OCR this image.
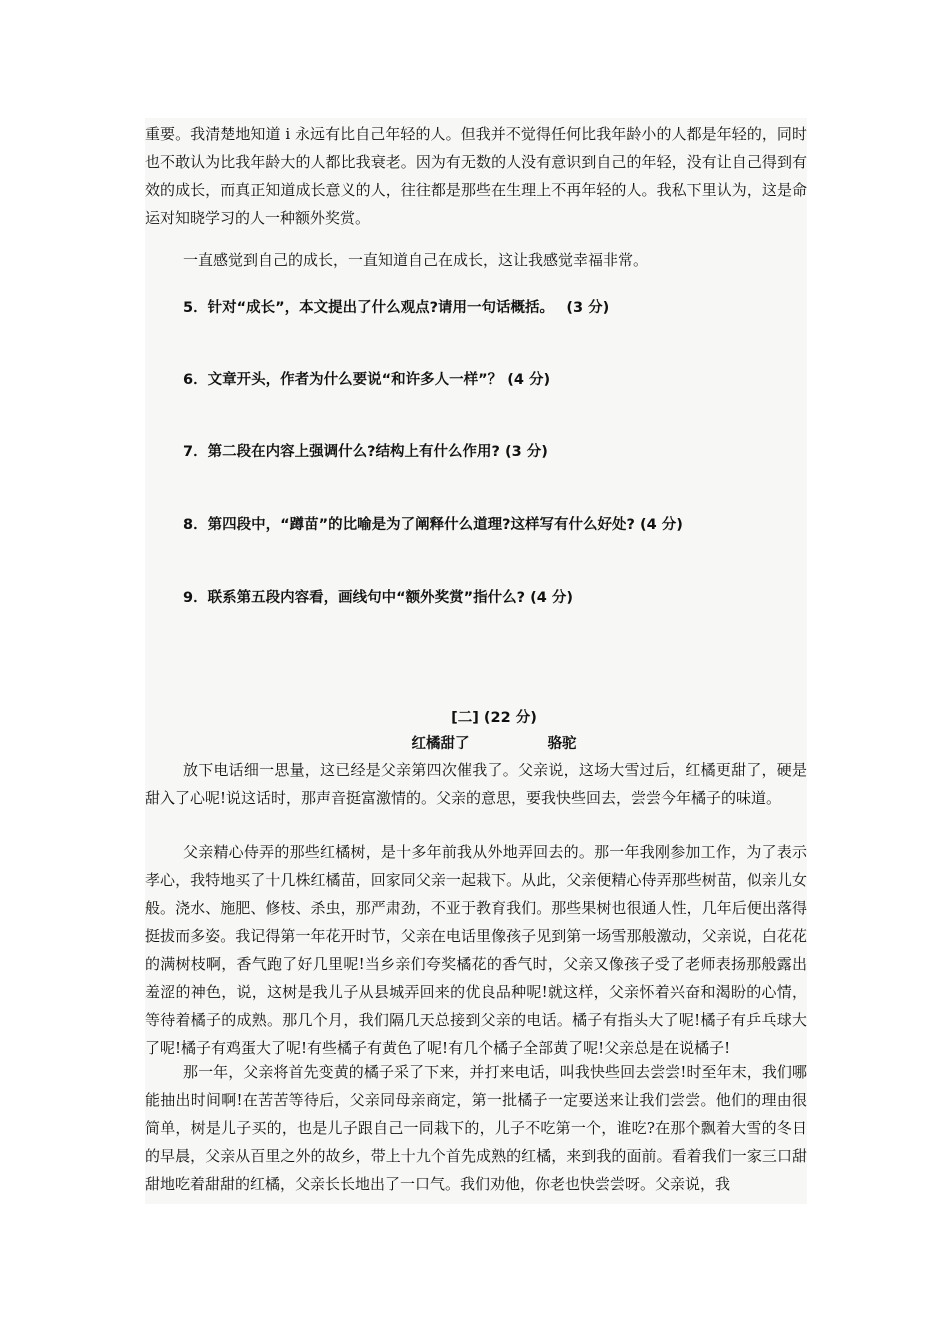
重要。我清楚地知道 i 永远有比自己年轻的人。但我并不觉得任何比我年龄小的人都是年轻的，同时也不敢认为比我年龄大的人都比我衰老。因为有无数的人没有意识到自己的年轻，没有让自己得到有效的成长，而真正知道成长意义的人，往往都是那些在生理上不再年轻的人。我私下里认为，这是命运对知晓学习的人一种额外奖赏。

一直感觉到自己的成长，一直知道自己在成长，这让我感觉幸福非常。

5．针对“成长”，本文提出了什么观点?请用一句话概括。　 (3 分)

6．文章开头，作者为什么要说“和许多人一样”？ (4 分)

7．第二段在内容上强调什么?结构上有什么作用? (3 分)

8．第四段中，“蹲苗”的比喻是为了阐释什么道理?这样写有什么好处? (4 分)

9．联系第五段内容看，画线句中“额外奖赏”指什么? (4 分)

[二] (22 分)

红橘甜了	骆驼

放下电话细一思量，这已经是父亲第四次催我了。父亲说，这场大雪过后，红橘更甜了，硬是甜入了心呢!说这话时，那声音挺富激情的。父亲的意思，要我快些回去，尝尝今年橘子的味道。

父亲精心侍弄的那些红橘树，是十多年前我从外地弄回去的。那一年我刚参加工作，为了表示孝心，我特地买了十几株红橘苗，回家同父亲一起栽下。从此，父亲便精心侍弄那些树苗，似亲儿女般。浇水、施肥、修枝、杀虫，那严肃劲，不亚于教育我们。那些果树也很通人性，几年后便出落得挺拔而多姿。我记得第一年花开时节，父亲在电话里像孩子见到第一场雪那般激动，父亲说，白花花的满树枝啊，香气跑了好几里呢!当乡亲们夸奖橘花的香气时，父亲又像孩子受了老师表扬那般露出羞涩的神色，说，这树是我儿子从县城弄回来的优良品种呢!就这样，父亲怀着兴奋和渴盼的心情，等待着橘子的成熟。那几个月，我们隔几天总接到父亲的电话。橘子有指头大了呢!橘子有乒乓球大了呢!橘子有鸡蛋大了呢!有些橘子有黄色了呢!有几个橘子全部黄了呢!父亲总是在说橘子!

那一年，父亲将首先变黄的橘子采了下来，并打来电话，叫我快些回去尝尝!时至年末，我们哪能抽出时间啊!在苦苦等待后，父亲同母亲商定，第一批橘子一定要送来让我们尝尝。他们的理由很简单，树是儿子买的，也是儿子跟自己一同栽下的，儿子不吃第一个，谁吃?在那个飘着大雪的冬日的早晨，父亲从百里之外的故乡，带上十九个首先成熟的红橘，来到我的面前。看着我们一家三口甜甜地吃着甜甜的红橘，父亲长长地出了一口气。我们劝他，你老也快尝尝呀。父亲说，我
